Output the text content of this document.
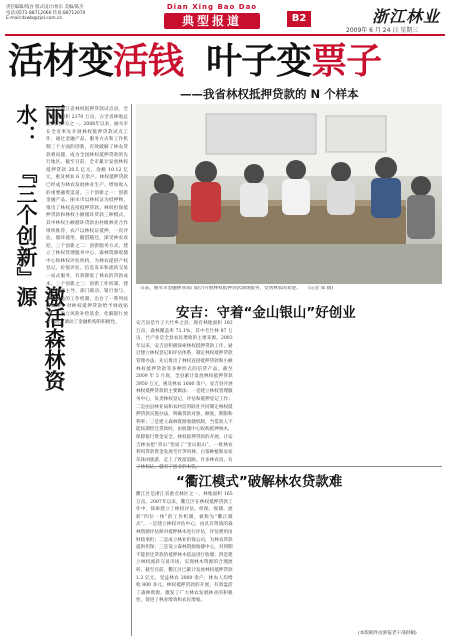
责任编辑/钱谷 版式设计/詹东 美编/陈杰
电话:0571-88712066 传真:88712070
E-mail:dxwb@zjol.com.cn
Dian Xing Bao Dao
典型报道	B2	浙江林业
2009年 6 月 24 日 星期三
活材变活钱  叶子变票子
——我省林权抵押贷款的 N 个样本
丽水：
『三个创新』
激活森林资源
丽水是浙江省林权抵押贷款试点县，全市林地面积 2170 万亩，占全省林地总面积的四分之一。2006年以来，丽水市在全省率先开展林权抵押贷款试点工作，通过金融产品、服务方式和工作机制三个方面的创新，有效破解了林农贷款难问题，成为全国林权抵押贷款的先行地区。截至目前，全市累计发放林权抵押贷款 20.5 亿元，余额 10.12 亿元，惠及林农 6 万余户。林权抵押贷款已经成为林农发展林业生产、增加收入的重要融资渠道。三个创新之一：创新金融产品。丽水市以林权证为抵押物，推出了林权直接抵押贷款、林权担保抵押贷款和林权小额循环贷款三种模式。其中林权小额循环贷款由村级林业合作组织推荐，农户以林权证抵押，一次评估，循环使用，随借随还，深受林农欢迎。三个创新之二：创新服务方式。建立了林权管理服务中心、森林资源收储中心和林权评估机构，为林农提供产权登记、价值评估、信息发布和流转交易一站式服务，有效降低了林农的贷款成本。三个创新之三：创新工作机制。建立了政府主导、部门联动、银行参与、林农受益的工作机制，出台了一系列扶持政策，对林权抵押贷款给予财政贴息，并设立风险补偿基金，化解银行放贷风险，调动了金融机构的积极性。
日前，丽水市金融林业部门联合开展林权抵押贷款现场服务，受到林农的欢迎。 (记者 郑 摄)
安吉：守着“金山银山”好创业
安吉县是竹子大竹乡之县，现有林地面积 192 万亩，森林覆盖率 71.1%，其中毛竹林 87 万亩，竹产业是全县农民增收的主要来源。2003年以来，安吉县积极探索林权抵押贷款工作，通过建立林权登记和评估体系，制定林权抵押贷款管理办法，先后推出了林权直接抵押贷款和小额林权抵押贷款等多种形式的信贷产品。截至 2009 年 5 月底，全县累计发放林权抵押贷款 3950 万元，惠及林农 1600 余户。安吉县开展林权抵押贷款的主要做法：一是建立林权管理服务中心，负责林权登记、评估和抵押登记工作；二是由县林业局和农村信用联社共同制定林权抵押贷款实施办法，明确贷款对象、额度、期限和利率；三是建立森林资源收储机制，当借款人不能按期偿还贷款时，由收储中心收购抵押林木，保障银行资金安全。林权抵押贷款的开展，让安吉林农把“青山”变成了“金山银山”，一批林农利用贷款资金发展毛竹笋用林、白茶种植和农家乐休闲旅游，走上了致富道路。许多林农说，有了林权证，就有了创业的本钱。
“衢江模式”破解林农贷款难
衢江区是浙江省重点林区之一，林地面积 165 万亩。2007年以来，衢江区在林权抵押贷款工作中，探索建立了林权评估、担保、收储、流转“四位一体”的工作机制，被称为“衢江模式”。一是建立林权评估中心，由具有资质的森林资源评估师对抵押林木进行评估，评估费用由财政承担；二是成立林业担保公司，为林农贷款提供担保；三是设立森林资源收储中心，对到期不能偿还贷款的抵押林木依法进行收储；四是建立林权流转交易市场，实现林木资源的合理流转。截至目前，衢江区已累计发放林权抵押贷款 1.2 亿元，受益林农 3000 余户，林农人均增收 800 多元。林权抵押贷款的开展，有效盘活了森林资源，激发了广大林农发展林业的积极性，促进了林业增效和农民增收。
(本版稿件由浙报老干部供稿)
